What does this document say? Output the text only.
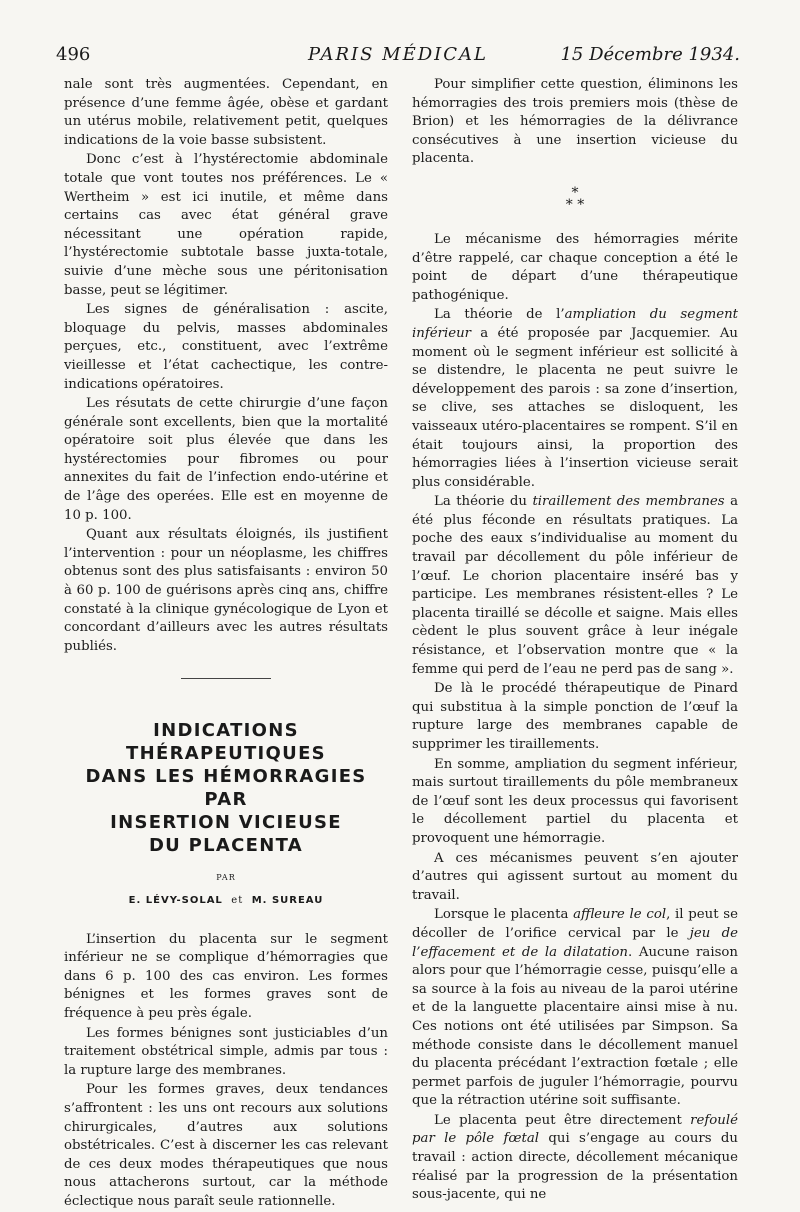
496	PARIS MÉDICAL	15 Décembre 1934.

nale sont très augmentées. Cependant, en présence d’une femme âgée, obèse et gardant un utérus mobile, relativement petit, quelques indications de la voie basse subsistent.

Donc c’est à l’hystérectomie abdominale totale que vont toutes nos préférences. Le « Wertheim » est ici inutile, et même dans certains cas avec état général grave nécessitant une opération rapide, l’hystérectomie subtotale basse juxta-totale, suivie d’une mèche sous une péritonisation basse, peut se légitimer.

Les signes de généralisation : ascite, bloquage du pelvis, masses abdominales perçues, etc., constituent, avec l’extrême vieillesse et l’état cachectique, les contre-indications opératoires.

Les résutats de cette chirurgie d’une façon générale sont excellents, bien que la mortalité opératoire soit plus élevée que dans les hystérectomies pour fibromes ou pour annexites du fait de l’infection endo-utérine et de l’âge des operées. Elle est en moyenne de 10 p. 100.

Quant aux résultats éloignés, ils justifient l’intervention : pour un néoplasme, les chiffres obtenus sont des plus satisfaisants : environ 50 à 60 p. 100 de guérisons après cinq ans, chiffre constaté à la clinique gynécologique de Lyon et concordant d’ailleurs avec les autres résultats publiés.

INDICATIONS
THÉRAPEUTIQUES
DANS LES HÉMORRAGIES
PAR
INSERTION VICIEUSE
DU PLACENTA
PAR
E. LÉVY-SOLAL et M. SUREAU

L’insertion du placenta sur le segment inférieur ne se complique d’hémorragies que dans 6 p. 100 des cas environ. Les formes bénignes et les formes graves sont de fréquence à peu près égale.

Les formes bénignes sont justiciables d’un traitement obstétrical simple, admis par tous : la rupture large des membranes.

Pour les formes graves, deux tendances s’affrontent : les uns ont recours aux solutions chirurgicales, d’autres aux solutions obstétricales. C’est à discerner les cas relevant de ces deux modes thérapeutiques que nous nous attacherons surtout, car la méthode éclectique nous paraît seule rationnelle.

Pour simplifier cette question, éliminons les hémorragies des trois premiers mois (thèse de Brion) et les hémorragies de la délivrance consécutives à une insertion vicieuse du placenta.

*
* *

Le mécanisme des hémorragies mérite d’être rappelé, car chaque conception a été le point de départ d’une thérapeutique pathogénique.

La théorie de l’ampliation du segment inférieur a été proposée par Jacquemier. Au moment où le segment inférieur est sollicité à se distendre, le placenta ne peut suivre le développement des parois : sa zone d’insertion, se clive, ses attaches se disloquent, les vaisseaux utéro-placentaires se rompent. S’il en était toujours ainsi, la proportion des hémorragies liées à l’insertion vicieuse serait plus considérable.

La théorie du tiraillement des membranes a été plus féconde en résultats pratiques. La poche des eaux s’individualise au moment du travail par décollement du pôle inférieur de l’œuf. Le chorion placentaire inséré bas y participe. Les membranes résistent-elles ? Le placenta tiraillé se décolle et saigne. Mais elles cèdent le plus souvent grâce à leur inégale résistance, et l’observation montre que « la femme qui perd de l’eau ne perd pas de sang ».

De là le procédé thérapeutique de Pinard qui substitua à la simple ponction de l’œuf la rupture large des membranes capable de supprimer les tiraillements.

En somme, ampliation du segment inférieur, mais surtout tiraillements du pôle membraneux de l’œuf sont les deux processus qui favorisent le décollement partiel du placenta et provoquent une hémorragie.

A ces mécanismes peuvent s’en ajouter d’autres qui agissent surtout au moment du travail.

Lorsque le placenta affleure le col, il peut se décoller de l’orifice cervical par le jeu de l’effacement et de la dilatation. Aucune raison alors pour que l’hémorragie cesse, puisqu’elle a sa source à la fois au niveau de la paroi utérine et de la languette placentaire ainsi mise à nu. Ces notions ont été utilisées par Simpson. Sa méthode consiste dans le décollement manuel du placenta précédant l’extraction fœtale ; elle permet parfois de juguler l’hémorragie, pourvu que la rétraction utérine soit suffisante.

Le placenta peut être directement refoulé par le pôle fœtal qui s’engage au cours du travail : action directe, décollement mécanique réalisé par la progression de la présentation sous-jacente, qui ne
